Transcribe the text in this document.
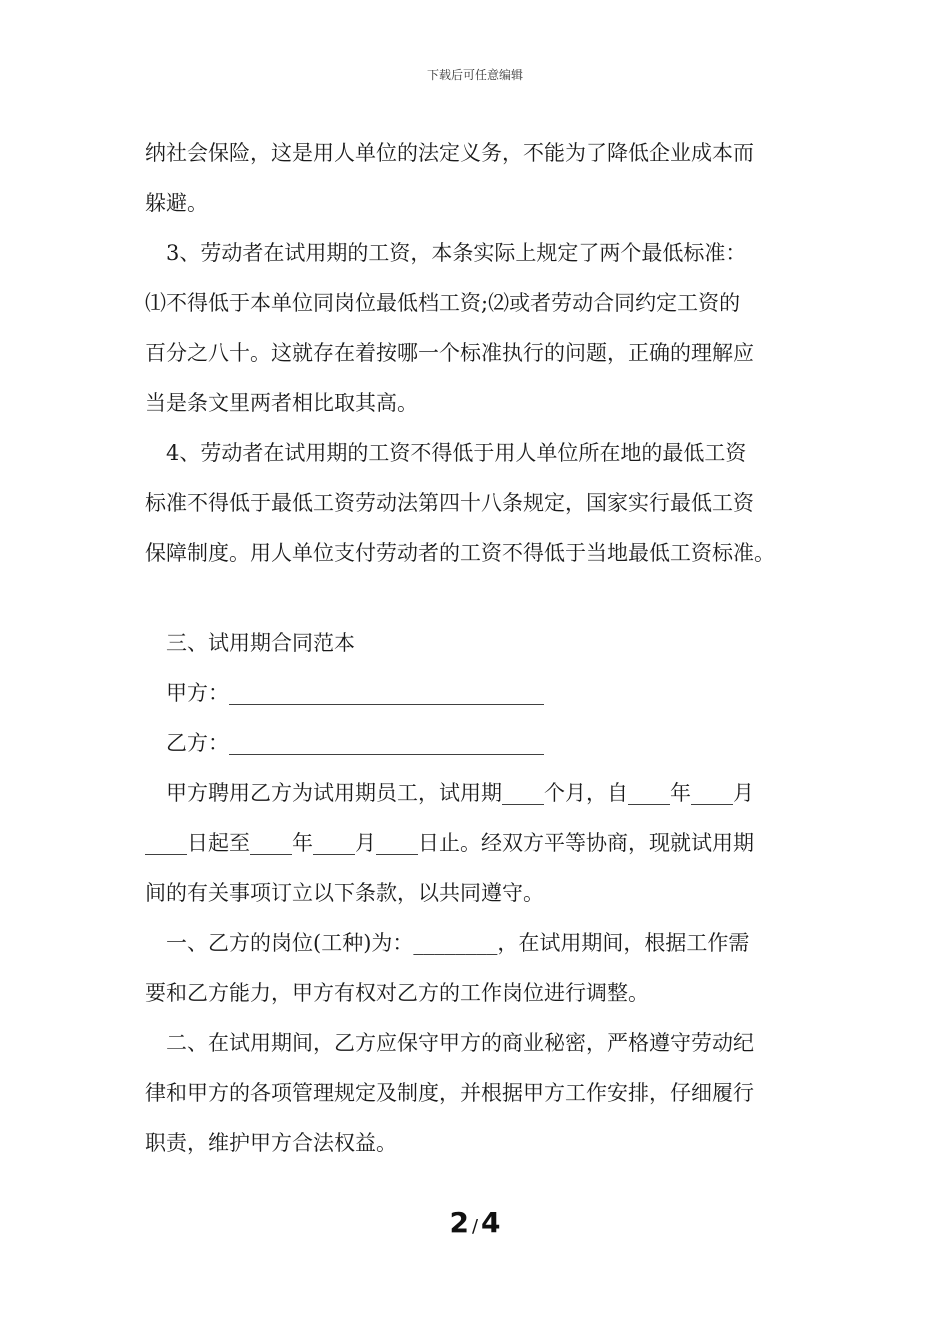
下载后可任意编辑

纳社会保险，这是用人单位的法定义务，不能为了降低企业成本而

躲避。

　3、劳动者在试用期的工资，本条实际上规定了两个最低标准：

⑴不得低于本单位同岗位最低档工资;⑵或者劳动合同约定工资的

百分之八十。这就存在着按哪一个标准执行的问题，正确的理解应

当是条文里两者相比取其高。

　4、劳动者在试用期的工资不得低于用人单位所在地的最低工资

标准不得低于最低工资劳动法第四十八条规定，国家实行最低工资

保障制度。用人单位支付劳动者的工资不得低于当地最低工资标准。

　三、试用期合同范本

　甲方：______________________________

　乙方：______________________________

　甲方聘用乙方为试用期员工，试用期____个月，自____年____月

____日起至____年____月____日止。经双方平等协商，现就试用期

间的有关事项订立以下条款，以共同遵守。

　一、乙方的岗位(工种)为：________，在试用期间，根据工作需

要和乙方能力，甲方有权对乙方的工作岗位进行调整。

　二、在试用期间，乙方应保守甲方的商业秘密，严格遵守劳动纪

律和甲方的各项管理规定及制度，并根据甲方工作安排，仔细履行

职责，维护甲方合法权益。

2 / 4
